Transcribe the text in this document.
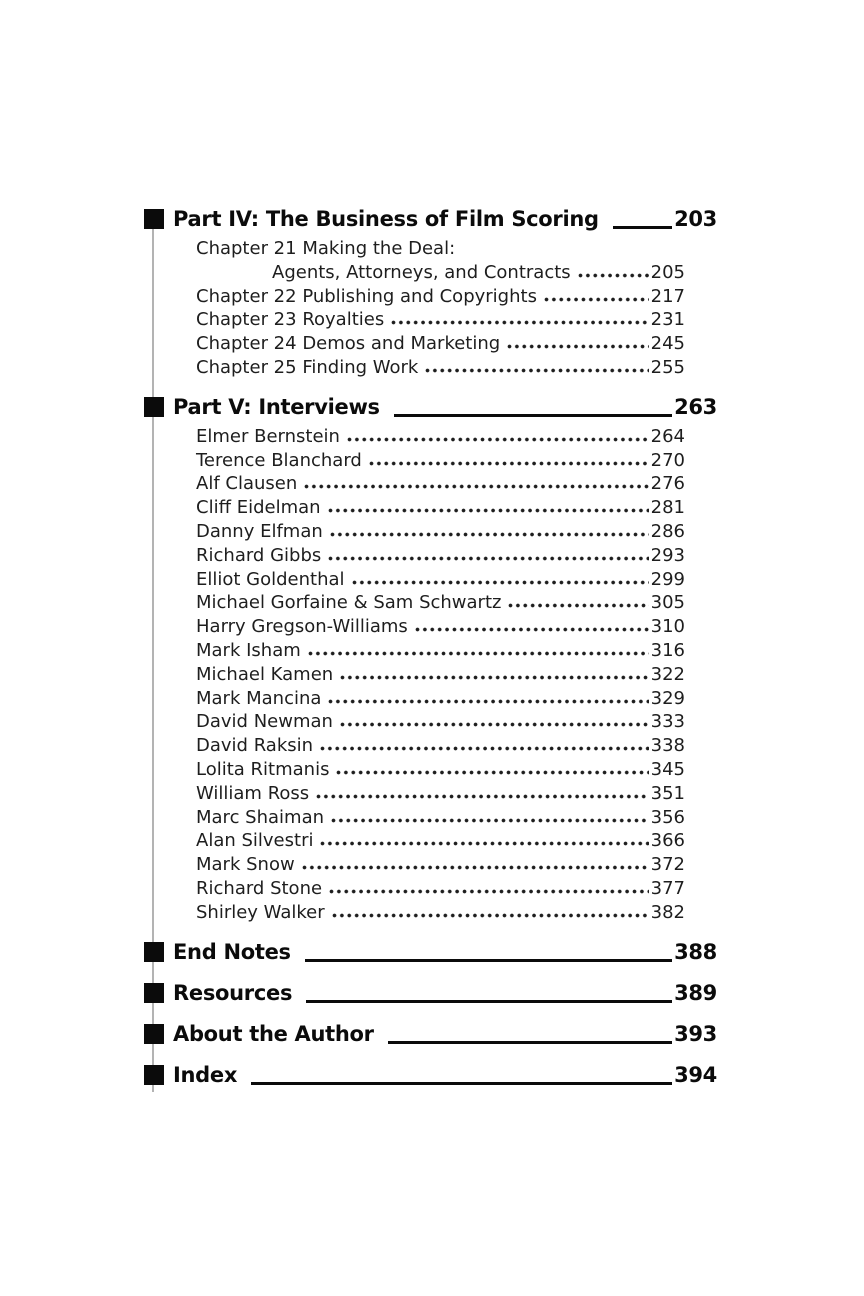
Part IV: The Business of Film Scoring	203
Chapter 21 Making the Deal:
Agents, Attorneys, and Contracts	205
Chapter 22 Publishing and Copyrights	217
Chapter 23 Royalties	231
Chapter 24 Demos and Marketing	245
Chapter 25 Finding Work	255
Part V: Interviews	263
Elmer Bernstein	264
Terence Blanchard	270
Alf Clausen	276
Cliff Eidelman	281
Danny Elfman	286
Richard Gibbs	293
Elliot Goldenthal	299
Michael Gorfaine & Sam Schwartz	305
Harry Gregson-Williams	310
Mark Isham	316
Michael Kamen	322
Mark Mancina	329
David Newman	333
David Raksin	338
Lolita Ritmanis	345
William Ross	351
Marc Shaiman	356
Alan Silvestri	366
Mark Snow	372
Richard Stone	377
Shirley Walker	382
End Notes	388
Resources	389
About the Author	393
Index	394
